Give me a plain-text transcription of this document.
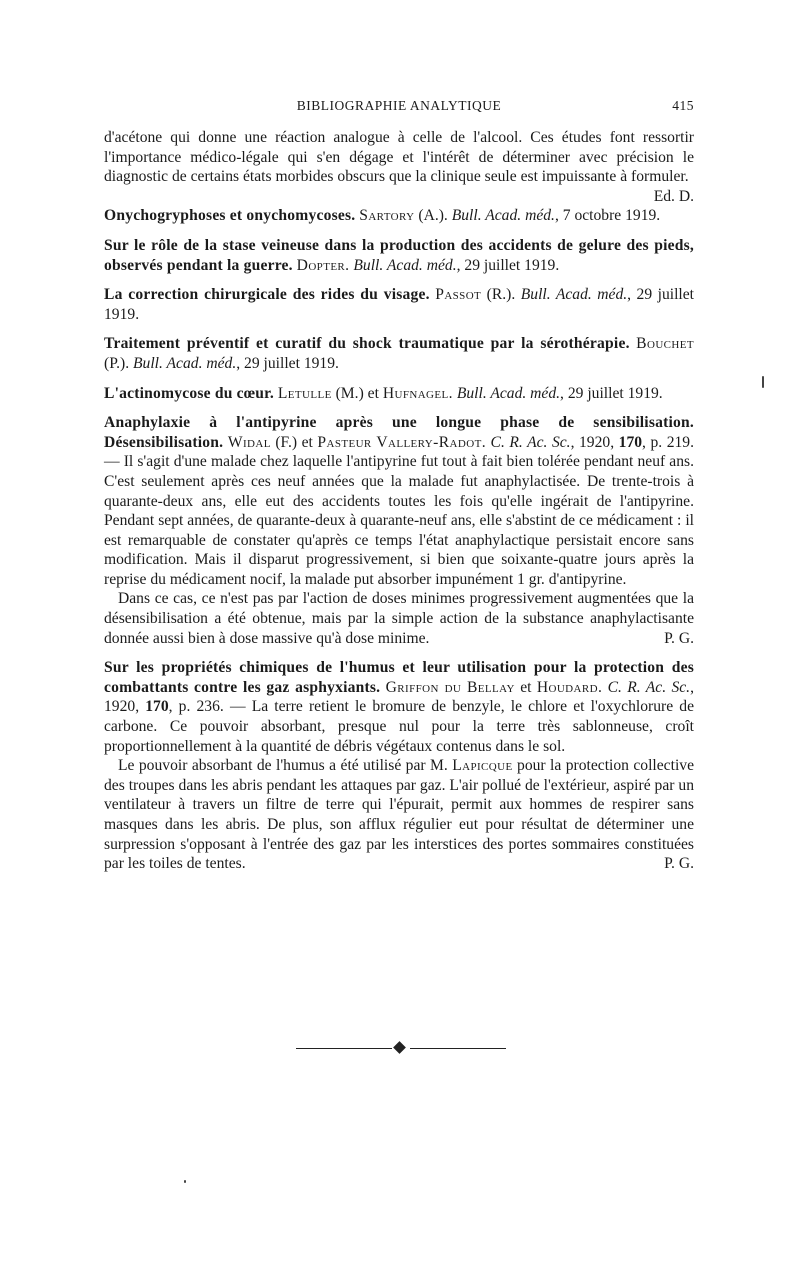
BIBLIOGRAPHIE ANALYTIQUE	415

d'acétone qui donne une réaction analogue à celle de l'alcool. Ces études font ressortir l'importance médico-légale qui s'en dégage et l'intérêt de déterminer avec précision le diagnostic de certains états morbides obscurs que la clinique seule est impuissante à formuler.
Ed. D.

Onychogryphoses et onychomycoses. Sartory (A.). Bull. Acad. méd., 7 octobre 1919.

Sur le rôle de la stase veineuse dans la production des accidents de gelure des pieds, observés pendant la guerre. Dopter. Bull. Acad. méd., 29 juillet 1919.

La correction chirurgicale des rides du visage. Passot (R.). Bull. Acad. méd., 29 juillet 1919.

Traitement préventif et curatif du shock traumatique par la sérothérapie. Bouchet (P.). Bull. Acad. méd., 29 juillet 1919.

L'actinomycose du cœur. Letulle (M.) et Hufnagel. Bull. Acad. méd., 29 juillet 1919.

Anaphylaxie à l'antipyrine après une longue phase de sensibilisation. Désensibilisation. Widal (F.) et Pasteur Vallery-Radot. C. R. Ac. Sc., 1920, 170, p. 219. — Il s'agit d'une malade chez laquelle l'antipyrine fut tout à fait bien tolérée pendant neuf ans. C'est seulement après ces neuf années que la malade fut anaphylactisée. De trente-trois à quarante-deux ans, elle eut des accidents toutes les fois qu'elle ingérait de l'antipyrine. Pendant sept années, de quarante-deux à quarante-neuf ans, elle s'abstint de ce médicament : il est remarquable de constater qu'après ce temps l'état anaphylactique persistait encore sans modification. Mais il disparut progressivement, si bien que soixante-quatre jours après la reprise du médicament nocif, la malade put absorber impunément 1 gr. d'antipyrine.

Dans ce cas, ce n'est pas par l'action de doses minimes progressivement augmentées que la désensibilisation a été obtenue, mais par la simple action de la substance anaphylactisante donnée aussi bien à dose massive qu'à dose minime.	P. G.

Sur les propriétés chimiques de l'humus et leur utilisation pour la protection des combattants contre les gaz asphyxiants. Griffon du Bellay et Houdard. C. R. Ac. Sc., 1920, 170, p. 236. — La terre retient le bromure de benzyle, le chlore et l'oxychlorure de carbone. Ce pouvoir absorbant, presque nul pour la terre très sablonneuse, croît proportionnellement à la quantité de débris végétaux contenus dans le sol.

Le pouvoir absorbant de l'humus a été utilisé par M. Lapicque pour la protection collective des troupes dans les abris pendant les attaques par gaz. L'air pollué de l'extérieur, aspiré par un ventilateur à travers un filtre de terre qui l'épurait, permit aux hommes de respirer sans masques dans les abris. De plus, son afflux régulier eut pour résultat de déterminer une surpression s'opposant à l'entrée des gaz par les interstices des portes sommaires constituées par les toiles de tentes.	P. G.
